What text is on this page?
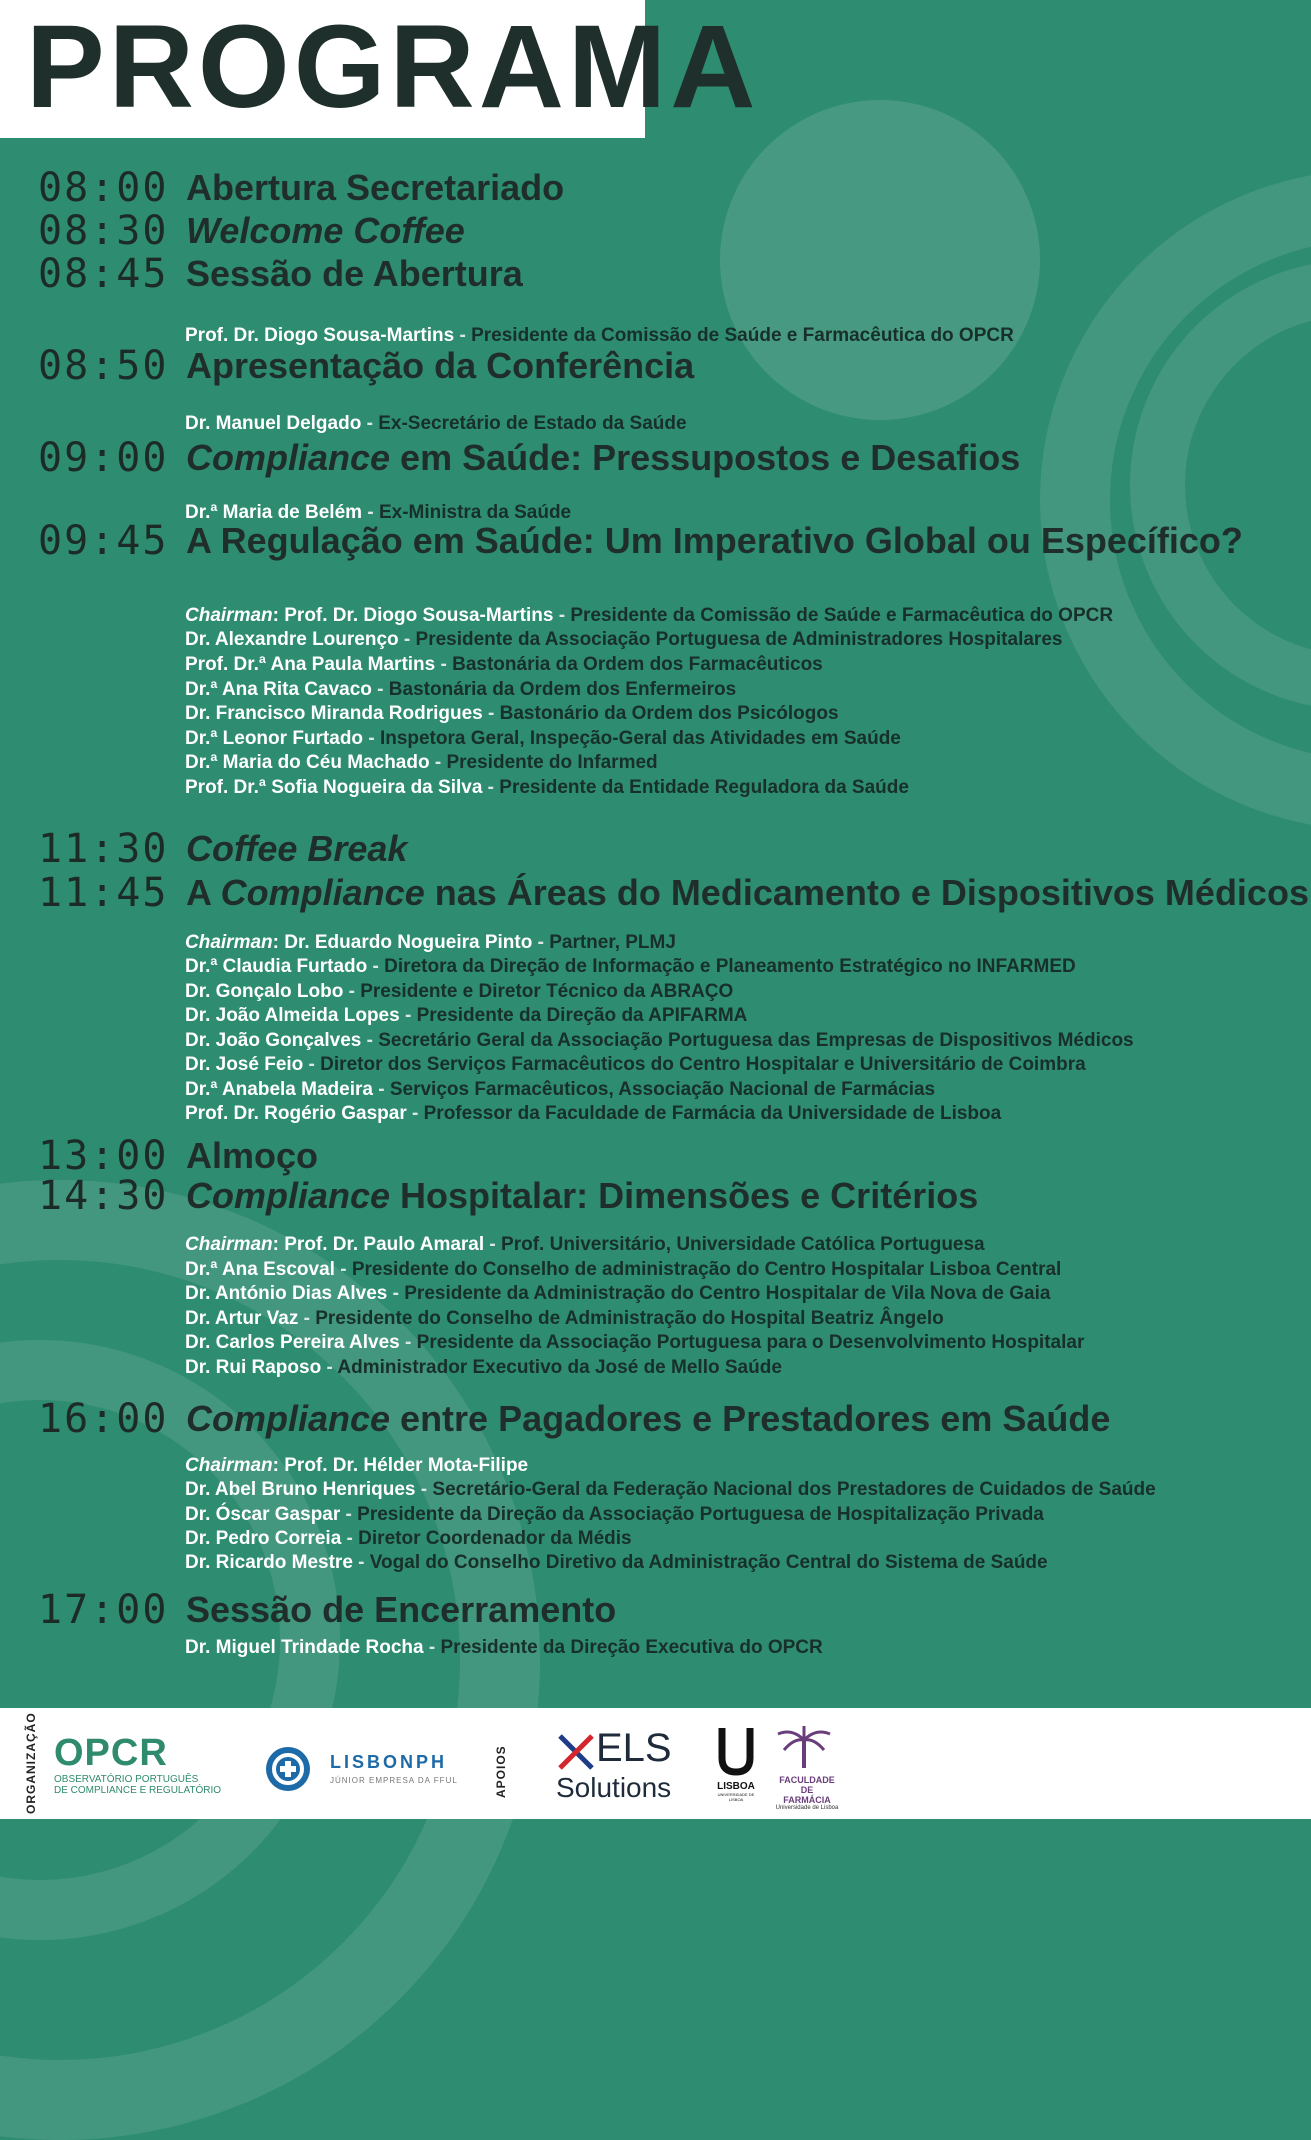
PROGRAMA
08:00 Abertura Secretariado
08:30 Welcome Coffee
08:45 Sessão de Abertura
Prof. Dr. Diogo Sousa-Martins - Presidente da Comissão de Saúde e Farmacêutica do OPCR
08:50 Apresentação da Conferência
Dr. Manuel Delgado - Ex-Secretário de Estado da Saúde
09:00 Compliance em Saúde: Pressupostos e Desafios
Dr.ª Maria de Belém - Ex-Ministra da Saúde
09:45 A Regulação em Saúde: Um Imperativo Global ou Específico?
Chairman: Prof. Dr. Diogo Sousa-Martins - Presidente da Comissão de Saúde e Farmacêutica do OPCR
Dr. Alexandre Lourenço - Presidente da Associação Portuguesa de Administradores Hospitalares
Prof. Dr.ª Ana Paula Martins - Bastonária da Ordem dos Farmacêuticos
Dr.ª Ana Rita Cavaco - Bastonária da Ordem dos Enfermeiros
Dr. Francisco Miranda Rodrigues - Bastonário da Ordem dos Psicólogos
Dr.ª Leonor Furtado - Inspetora Geral, Inspeção-Geral das Atividades em Saúde
Dr.ª Maria do Céu Machado - Presidente do Infarmed
Prof. Dr.ª Sofia Nogueira da Silva - Presidente da Entidade Reguladora da Saúde
11:30 Coffee Break
11:45 A Compliance nas Áreas do Medicamento e Dispositivos Médicos
Chairman: Dr. Eduardo Nogueira Pinto - Partner, PLMJ
Dr.ª Claudia Furtado - Diretora da Direção de Informação e Planeamento Estratégico no INFARMED
Dr. Gonçalo Lobo - Presidente e Diretor Técnico da ABRAÇO
Dr. João Almeida Lopes - Presidente da Direção da APIFARMA
Dr. João Gonçalves - Secretário Geral da Associação Portuguesa das Empresas de Dispositivos Médicos
Dr. José Feio - Diretor dos Serviços Farmacêuticos do Centro Hospitalar e Universitário de Coimbra
Dr.ª Anabela Madeira - Serviços Farmacêuticos, Associação Nacional de Farmácias
Prof. Dr. Rogério Gaspar - Professor da Faculdade de Farmácia da Universidade de Lisboa
13:00 Almoço
14:30 Compliance Hospitalar: Dimensões e Critérios
Chairman: Prof. Dr. Paulo Amaral - Prof. Universitário, Universidade Católica Portuguesa
Dr.ª Ana Escoval - Presidente do Conselho de administração do Centro Hospitalar Lisboa Central
Dr. António Dias Alves - Presidente da Administração do Centro Hospitalar de Vila Nova de Gaia
Dr. Artur Vaz - Presidente do Conselho de Administração do Hospital Beatriz Ângelo
Dr. Carlos Pereira Alves - Presidente da Associação Portuguesa para o Desenvolvimento Hospitalar
Dr. Rui Raposo - Administrador Executivo da José de Mello Saúde
16:00 Compliance entre Pagadores e Prestadores em Saúde
Chairman: Prof. Dr. Hélder Mota-Filipe
Dr. Abel Bruno Henriques - Secretário-Geral da Federação Nacional dos Prestadores de Cuidados de Saúde
Dr. Óscar Gaspar - Presidente da Direção da Associação Portuguesa de Hospitalização Privada
Dr. Pedro Correia - Diretor Coordenador da Médis
Dr. Ricardo Mestre - Vogal do Conselho Diretivo da Administração Central do Sistema de Saúde
17:00 Sessão de Encerramento
Dr. Miguel Trindade Rocha - Presidente da Direção Executiva do OPCR
ORGANIZAÇÃO OPCR
OBSERVATÓRIO PORTUGUÊS
DE COMPLIANCE E REGULATÓRIO
LISBONPH
JÚNIOR EMPRESA DA FFUL	APOIOS ELS
Solutions	LISBOA
UNIVERSIDADE DE LISBOA
FACULDADE DE
FARMÁCIA
Universidade de Lisboa
